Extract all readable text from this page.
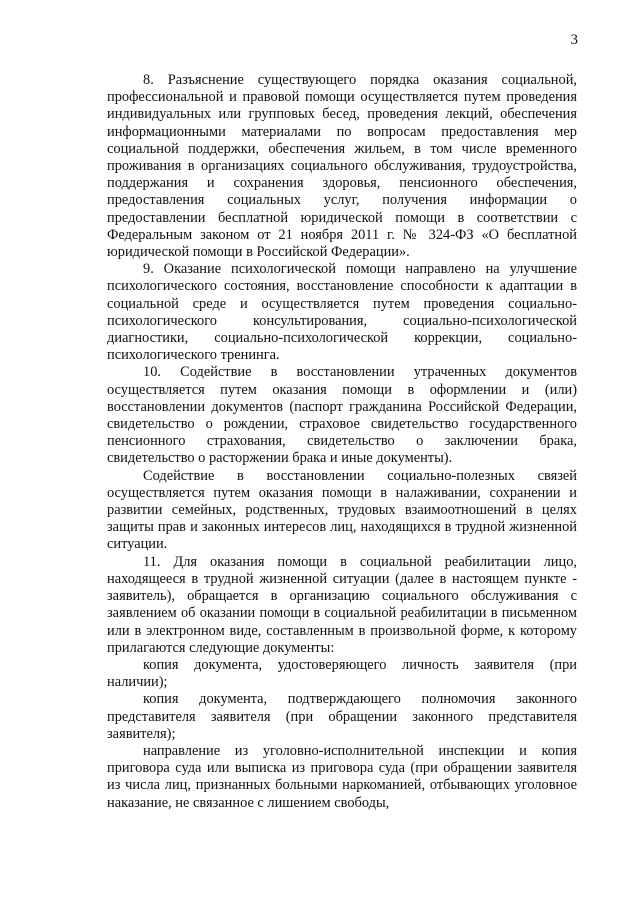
3

8. Разъяснение существующего порядка оказания социальной, профессиональной и правовой помощи осуществляется путем проведения индивидуальных или групповых бесед, проведения лекций, обеспечения информационными материалами по вопросам предоставления мер социальной поддержки, обеспечения жильем, в том числе временного проживания в организациях социального обслуживания, трудоустройства, поддержания и сохранения здоровья, пенсионного обеспечения, предоставления социальных услуг, получения информации о предоставлении бесплатной юридической помощи в соответствии с Федеральным законом от 21 ноября 2011 г. № 324-ФЗ «О бесплатной юридической помощи в Российской Федерации».

9. Оказание психологической помощи направлено на улучшение психологического состояния, восстановление способности к адаптации в социальной среде и осуществляется путем проведения социально-психологического консультирования, социально-психологической диагностики, социально-психологической коррекции, социально-психологического тренинга.

10. Содействие в восстановлении утраченных документов осуществляется путем оказания помощи в оформлении и (или) восстановлении документов (паспорт гражданина Российской Федерации, свидетельство о рождении, страховое свидетельство государственного пенсионного страхования, свидетельство о заключении брака, свидетельство о расторжении брака и иные документы).

Содействие в восстановлении социально-полезных связей осуществляется путем оказания помощи в налаживании, сохранении и развитии семейных, родственных, трудовых взаимоотношений в целях защиты прав и законных интересов лиц, находящихся в трудной жизненной ситуации.

11. Для оказания помощи в социальной реабилитации лицо, находящееся в трудной жизненной ситуации (далее в настоящем пункте - заявитель), обращается в организацию социального обслуживания с заявлением об оказании помощи в социальной реабилитации в письменном или в электронном виде, составленным в произвольной форме, к которому прилагаются следующие документы:

копия документа, удостоверяющего личность заявителя (при наличии);

копия документа, подтверждающего полномочия законного представителя заявителя (при обращении законного представителя заявителя);

направление из уголовно-исполнительной инспекции и копия приговора суда или выписка из приговора суда (при обращении заявителя из числа лиц, признанных больными наркоманией, отбывающих уголовное наказание, не связанное с лишением свободы,
